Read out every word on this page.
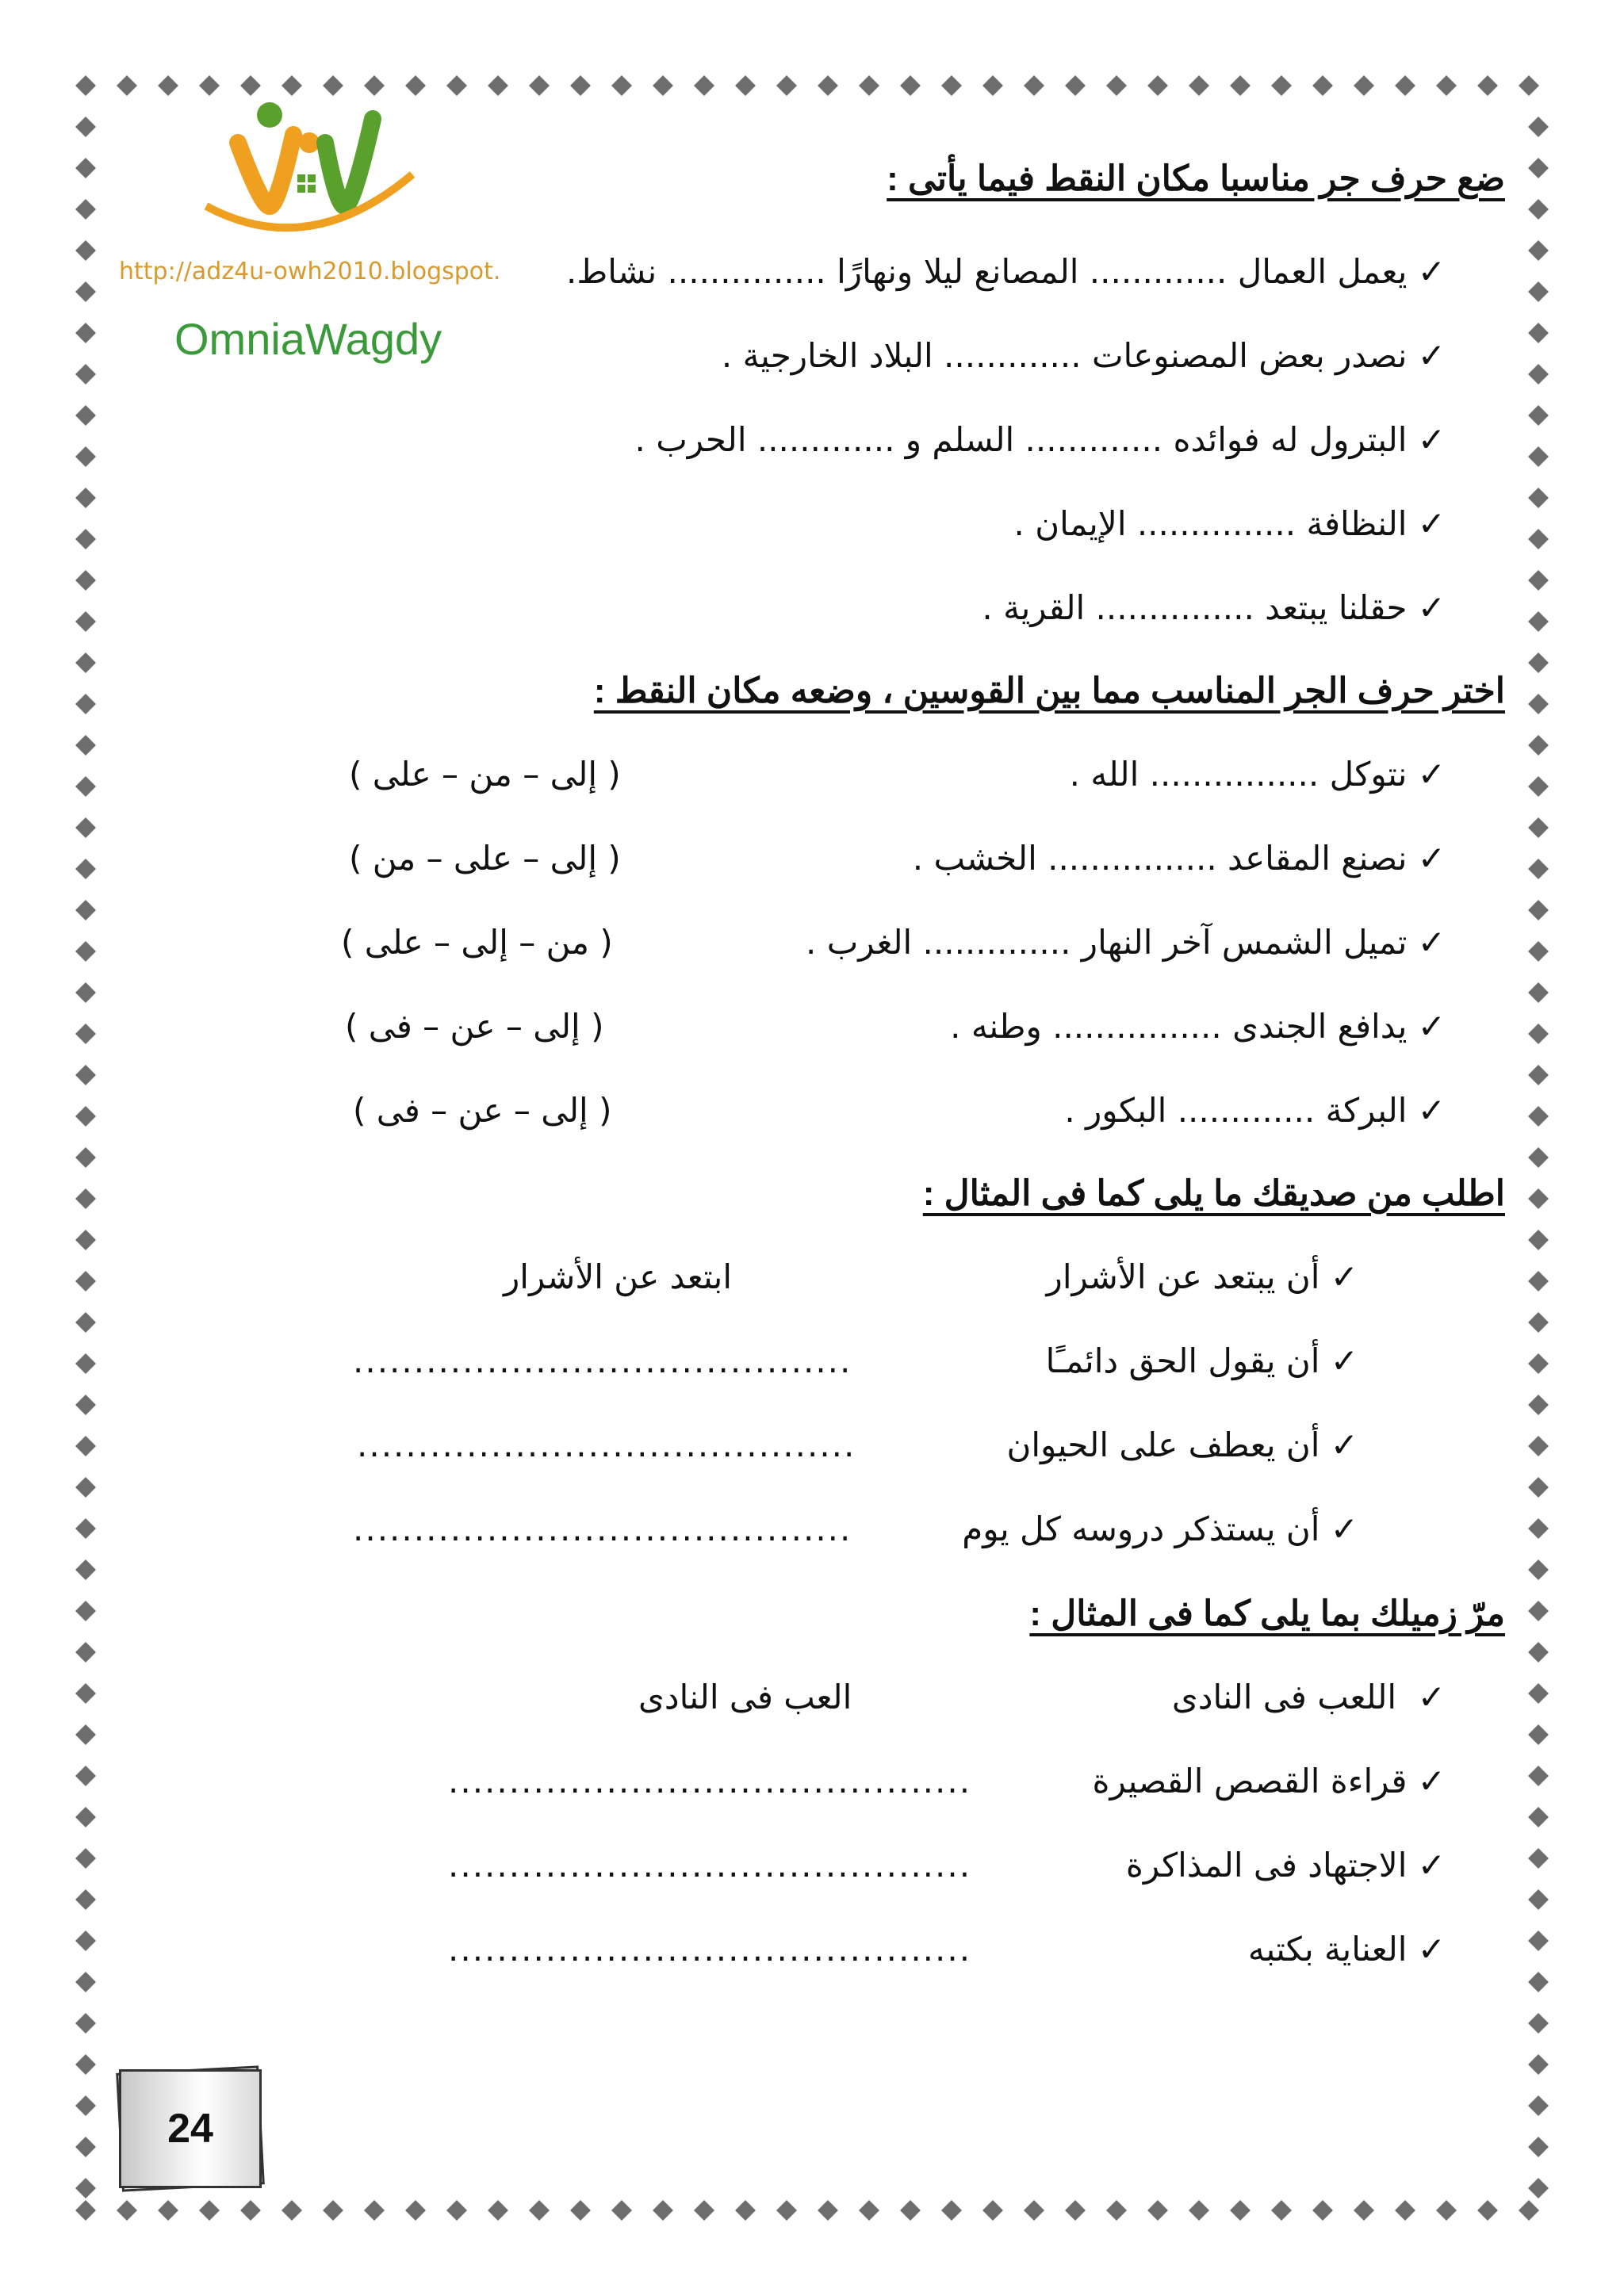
http://adz4u-owh2010.blogspot.
OmniaWagdy
ضع حرف جر مناسبا مكان النقط فيما يأتى :
✓ يعمل العمال ............. المصانع ليلا ونهارًا ............... نشاط.
✓ نصدر بعض المصنوعات ............. البلاد الخارجية .
✓ البترول له فوائده ............. السلم و ............. الحرب .
✓ النظافة ............... الإيمان .
✓ حقلنا يبتعد ............... القرية .
اختر حرف الجر المناسب مما بين القوسين ، وضعه مكان النقط :
✓ نتوكل ................ الله .
( إلى – من – على )
✓ نصنع المقاعد ................ الخشب .
( إلى – على – من )
✓ تميل الشمس آخر النهار .............. الغرب .
( من – إلى – على )
✓ يدافع الجندى ................ وطنه .
( إلى – عن – فى )
✓ البركة ............. البكور .
( إلى – عن – فى )
اطلب من صديقك ما يلى كما فى المثال :
✓ أن يبتعد عن الأشرار
ابتعد عن الأشرار
✓ أن يقول الحق دائمـًا
.........................................
✓ أن يعطف على الحيوان
.........................................
✓ أن يستذكر دروسه كل يوم
.........................................
مرّ زميلك بما يلى كما فى المثال :
✓  اللعب فى النادى
العب فى النادى
✓ قراءة القصص القصيرة
...........................................
✓ الاجتهاد فى المذاكرة
...........................................
✓ العناية بكتبه
...........................................
24
